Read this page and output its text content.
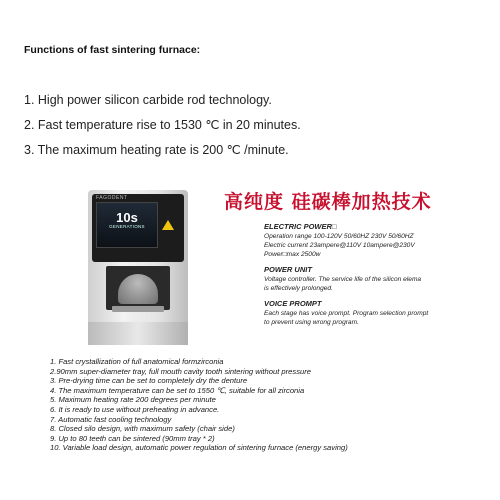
Functions of fast sintering furnace:
1. High power silicon carbide rod technology.
2. Fast temperature rise to 1530 ℃ in 20 minutes.
3. The maximum heating rate is 200 ℃ /minute.
10s
GENERATIONS
FAGODENT	高纯度 硅碳棒加热技术
ELECTRIC POWER□
Operation range 100-120V 50/60HZ 230V 50/60HZ
Electric current 23ampere@110V 10ampere@230V
Power□max 2500w
POWER UNIT
Voltage controller. The service life of the silicon elema
is effectively prolonged.
VOICE PROMPT
Each stage has voice prompt. Program selection prompt
to prevent using wrong program.
1. Fast crystallization of full anatomical formzirconia
2.90mm super-diameter tray, full mouth cavity tooth sintering without pressure
3. Pre-drying time can be set to completely dry the denture
4. The maximum temperature can be set to 1550 ℃, suitable for all zirconia
5. Maximum heating rate 200 degrees per minute
6. It is ready to use without preheating in advance.
7. Automatic fast cooling technology
8. Closed silo design, with maximum safety (chair side)
9. Up to 80 teeth can be sintered (90mm tray * 2)
10. Variable load design, automatic power regulation of sintering furnace (energy saving)
